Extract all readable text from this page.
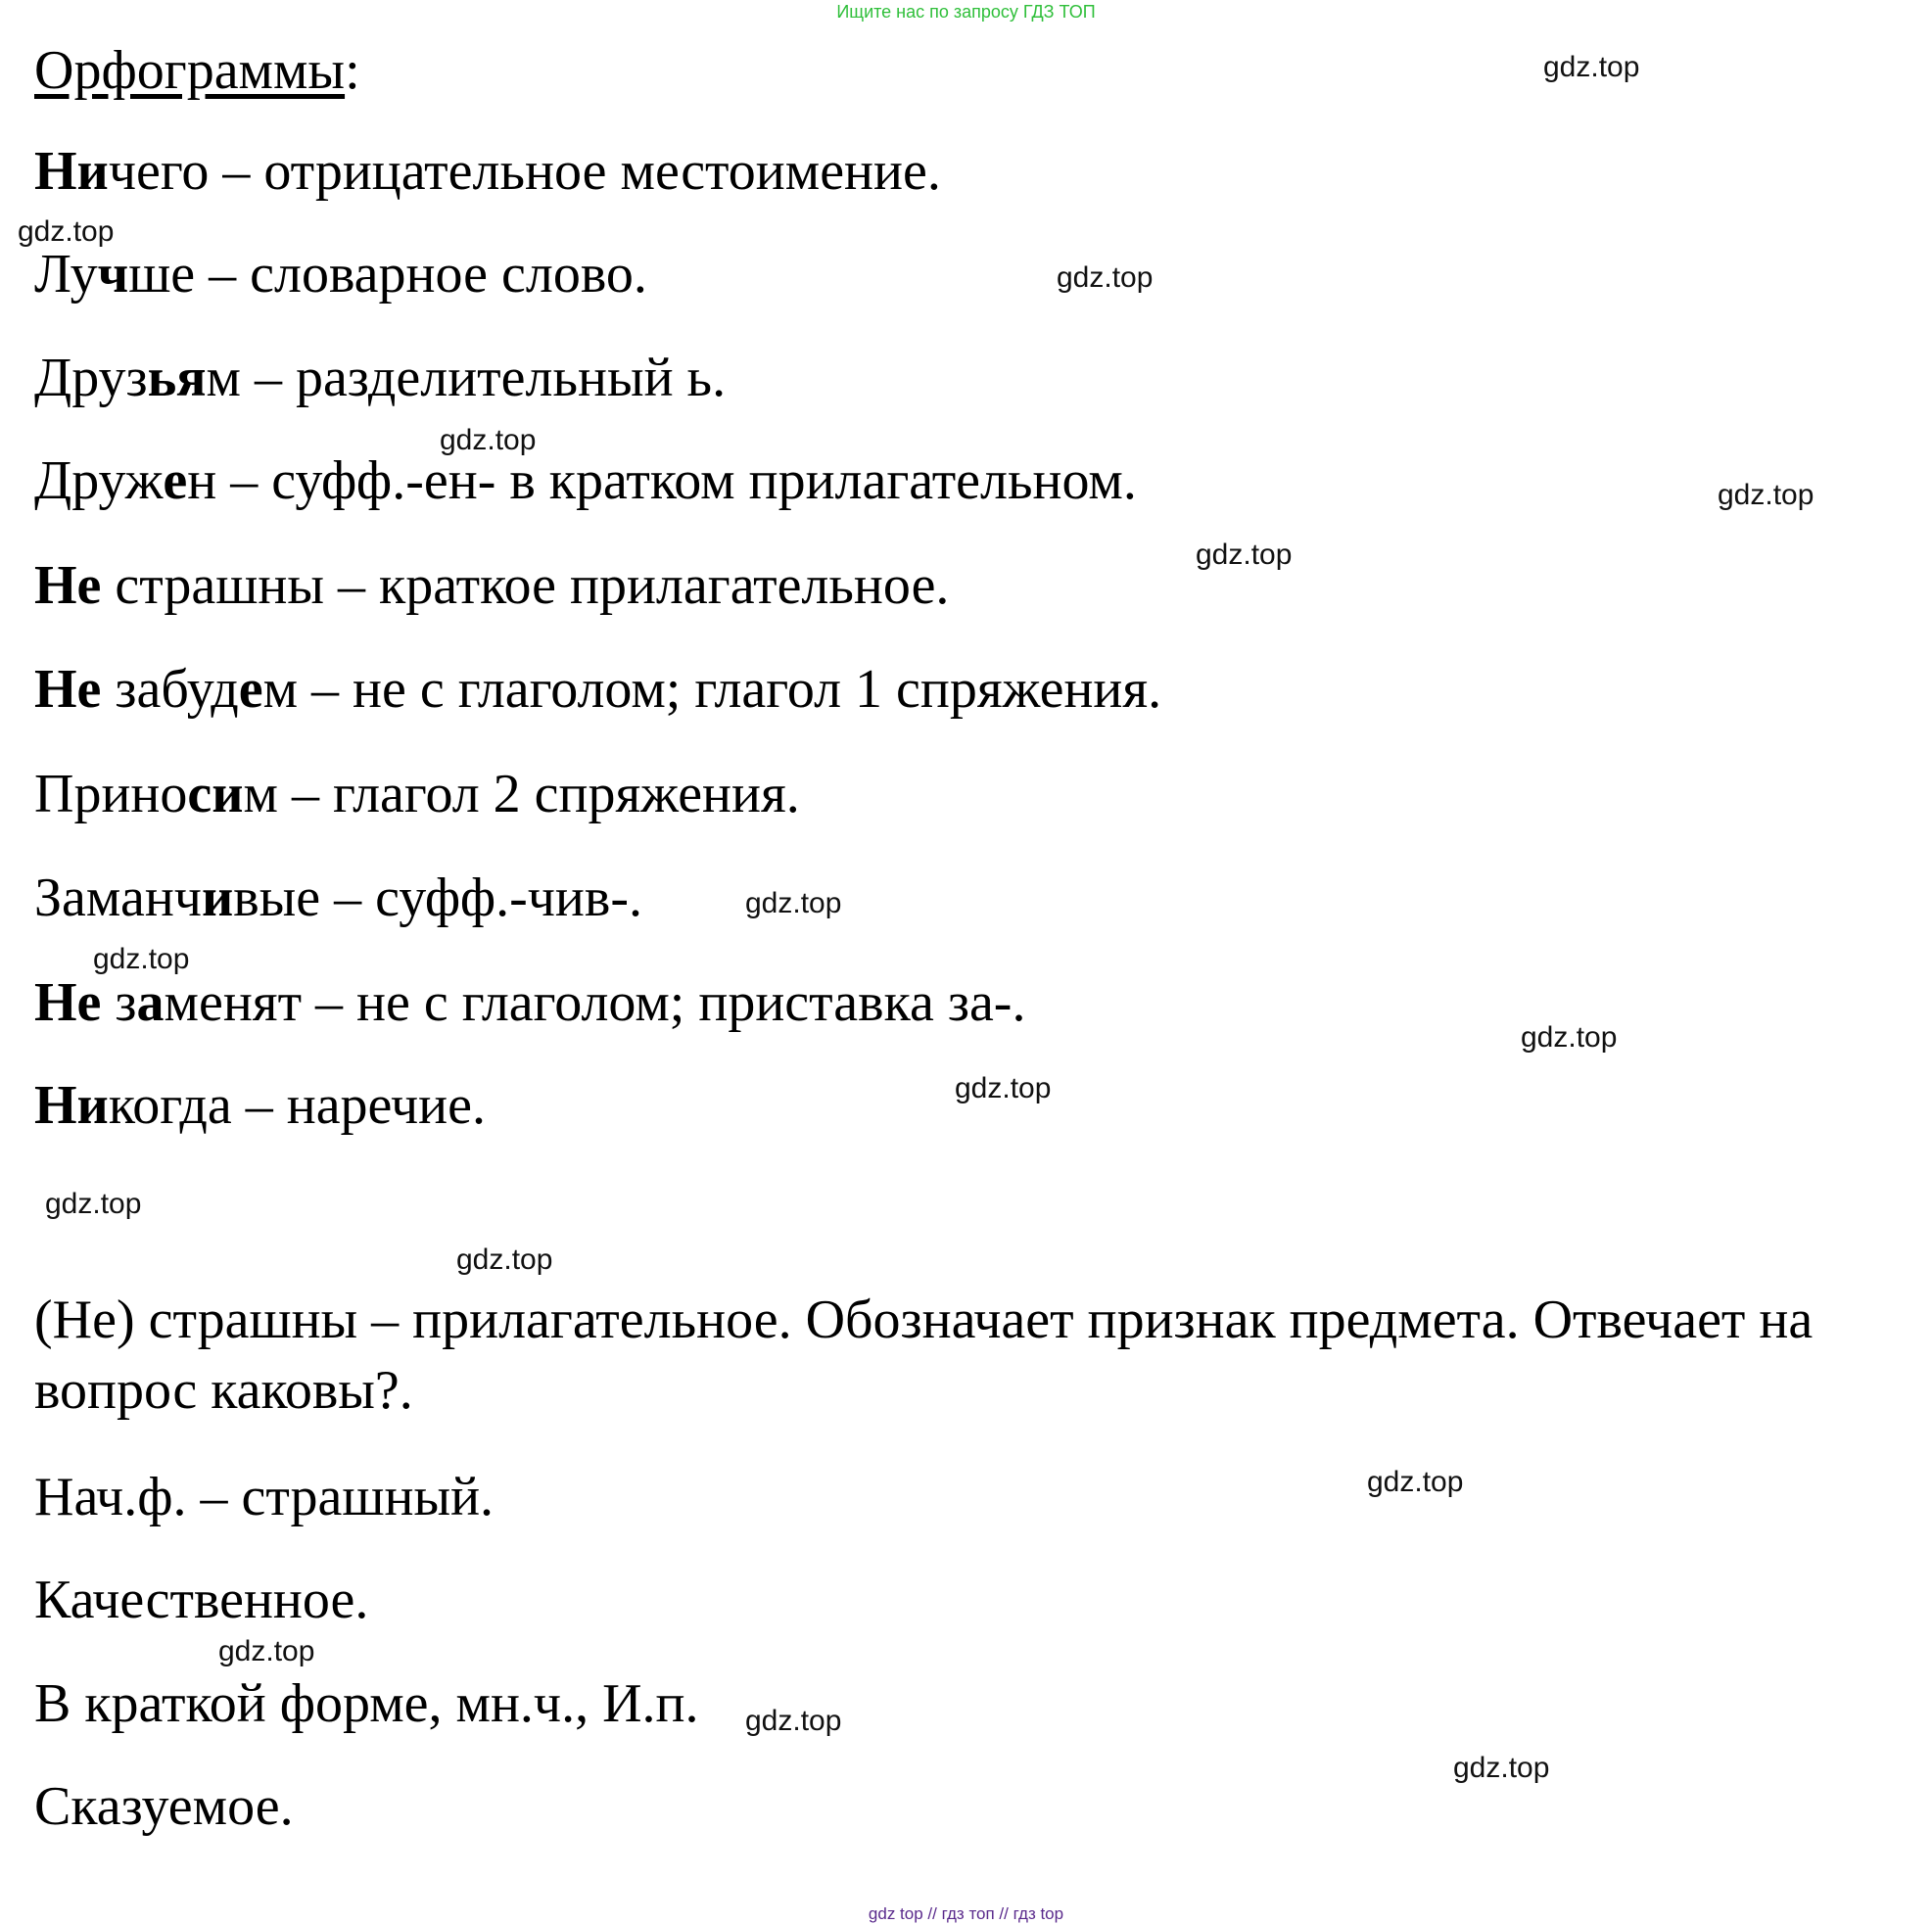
Ищите нас по запросу ГДЗ ТОП
Орфограммы:
Ничего – отрицательное местоимение.
Лучше – словарное слово.
Друзьям – разделительный ь.
Дружен – суфф.-ен- в кратком прилагательном.
Не страшны – краткое прилагательное.
Не забудем – не с глаголом; глагол 1 спряжения.
Приносим – глагол 2 спряжения.
Заманчивые – суфф.-чив-.
Не заменят – не с глаголом; приставка за-.
Никогда – наречие.
(Не) страшны – прилагательное. Обозначает признак предмета. Отвечает на вопрос каковы?.
Нач.ф. – страшный.
Качественное.
В краткой форме, мн.ч., И.п.
Сказуемое.
gdz.top
gdz.top
gdz.top
gdz.top
gdz.top
gdz.top
gdz.top
gdz.top
gdz.top
gdz.top
gdz.top
gdz.top
gdz.top
gdz.top
gdz.top
gdz.top
gdz top // гдз топ // гдз top
